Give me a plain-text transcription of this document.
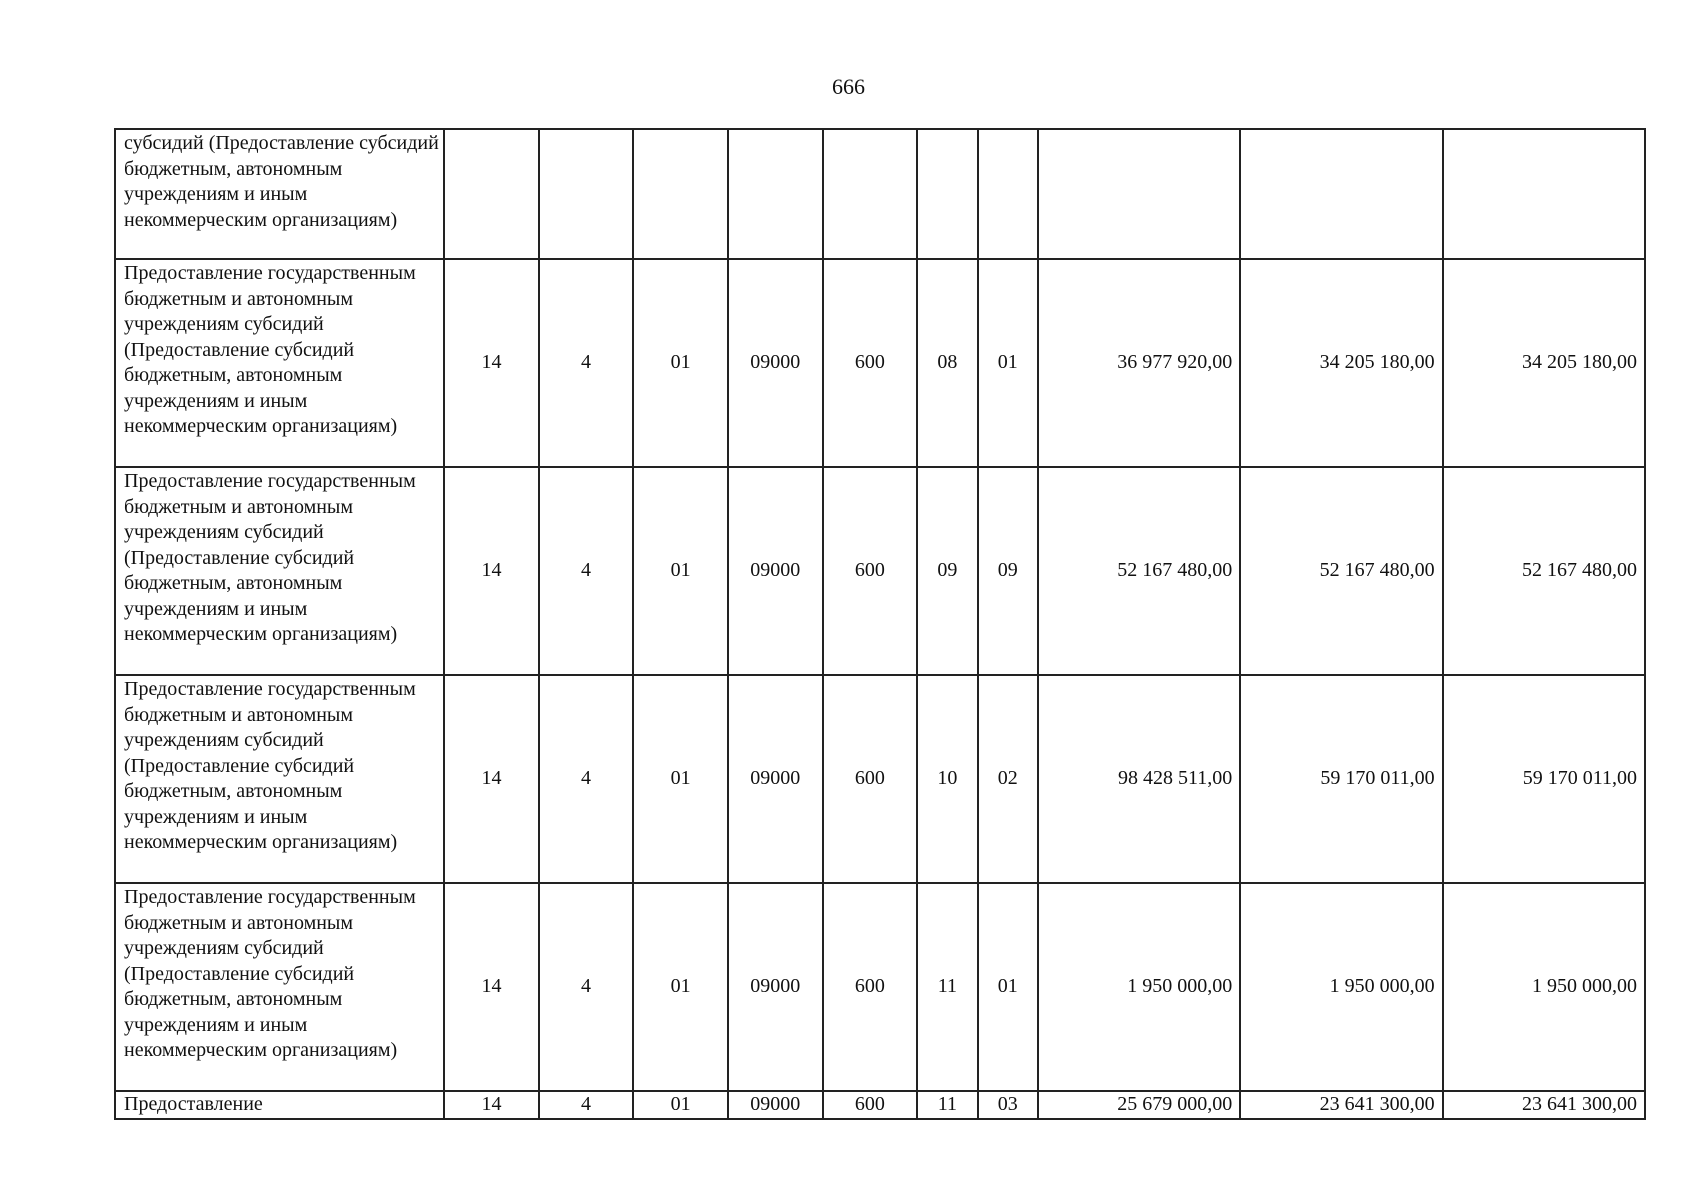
666
субсидий (Предоставление субсидий бюджетным, автономным учреждениям и иным некоммерческим организациям)										
Предоставление государственным бюджетным и автономным учреждениям субсидий (Предоставление субсидий бюджетным, автономным учреждениям и иным некоммерческим организациям)	14	4	01	09000	600	08	01	36 977 920,00	34 205 180,00	34 205 180,00
Предоставление государственным бюджетным и автономным учреждениям субсидий (Предоставление субсидий бюджетным, автономным учреждениям и иным некоммерческим организациям)	14	4	01	09000	600	09	09	52 167 480,00	52 167 480,00	52 167 480,00
Предоставление государственным бюджетным и автономным учреждениям субсидий (Предоставление субсидий бюджетным, автономным учреждениям и иным некоммерческим организациям)	14	4	01	09000	600	10	02	98 428 511,00	59 170 011,00	59 170 011,00
Предоставление государственным бюджетным и автономным учреждениям субсидий (Предоставление субсидий бюджетным, автономным учреждениям и иным некоммерческим организациям)	14	4	01	09000	600	11	01	1 950 000,00	1 950 000,00	1 950 000,00
Предоставление	14	4	01	09000	600	11	03	25 679 000,00	23 641 300,00	23 641 300,00
